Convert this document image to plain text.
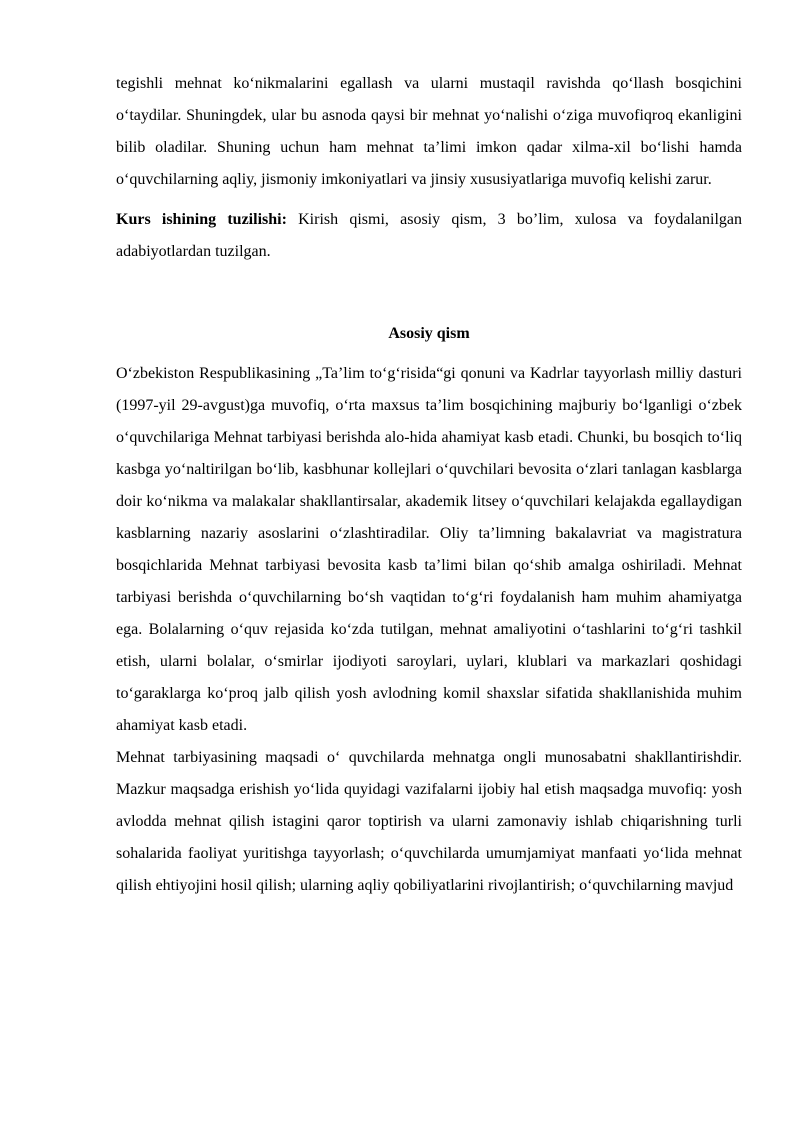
tegishli mehnat ko‘nikmalarini egallash va ularni mustaqil ravishda qo‘llash bosqichini o‘taydilar. Shuningdek, ular bu asnoda qaysi bir mehnat yo‘nalishi o‘ziga muvofiqroq ekanligini bilib oladilar. Shuning uchun ham mehnat ta’limi imkon qadar xilma-xil bo‘lishi hamda o‘quvchilarning aqliy, jismoniy imkoniyatlari va jinsiy xususiyatlariga muvofiq kelishi zarur.

Kurs ishining tuzilishi: Kirish qismi, asosiy qism, 3 bo’lim, xulosa va foydalanilgan adabiyotlardan tuzilgan.

Asosiy qism

O‘zbekiston Respublikasining „Ta’lim to‘g‘risida“gi qonuni va Kadrlar tayyorlash milliy dasturi (1997-yil 29-avgust)ga muvofiq, o‘rta maxsus ta’lim bosqichining majburiy bo‘lganligi o‘zbek o‘quvchilariga Mehnat tarbiyasi berishda alo-hida ahamiyat kasb etadi. Chunki, bu bosqich to‘liq kasbga yo‘naltirilgan bo‘lib, kasbhunar kollejlari o‘quvchilari bevosita o‘zlari tanlagan kasblarga doir ko‘nikma va malakalar shakllantirsalar, akademik litsey o‘quvchilari kelajakda egallaydigan kasblarning nazariy asoslarini o‘zlashtiradilar. Oliy ta’limning bakalavriat va magistratura bosqichlarida Mehnat tarbiyasi bevosita kasb ta’limi bilan qo‘shib amalga oshiriladi. Mehnat tarbiyasi berishda o‘quvchilarning bo‘sh vaqtidan to‘g‘ri foydalanish ham muhim ahamiyatga ega. Bolalarning o‘quv rejasida ko‘zda tutilgan, mehnat amaliyotini o‘tashlarini to‘g‘ri tashkil etish, ularni bolalar, o‘smirlar ijodiyoti saroylari, uylari, klublari va markazlari qoshidagi to‘garaklarga ko‘proq jalb qilish yosh avlodning komil shaxslar sifatida shakllanishida muhim ahamiyat kasb etadi.

Mehnat tarbiyasining maqsadi o‘ quvchilarda mehnatga ongli munosabatni shakllantirishdir. Mazkur maqsadga erishish yo‘lida quyidagi vazifalarni ijobiy hal etish maqsadga muvofiq: yosh avlodda mehnat qilish istagini qaror toptirish va ularni zamonaviy ishlab chiqarishning turli sohalarida faoliyat yuritishga tayyorlash; o‘quvchilarda umumjamiyat manfaati yo‘lida mehnat qilish ehtiyojini hosil qilish; ularning aqliy qobiliyatlarini rivojlantirish; o‘quvchilarning mavjud
